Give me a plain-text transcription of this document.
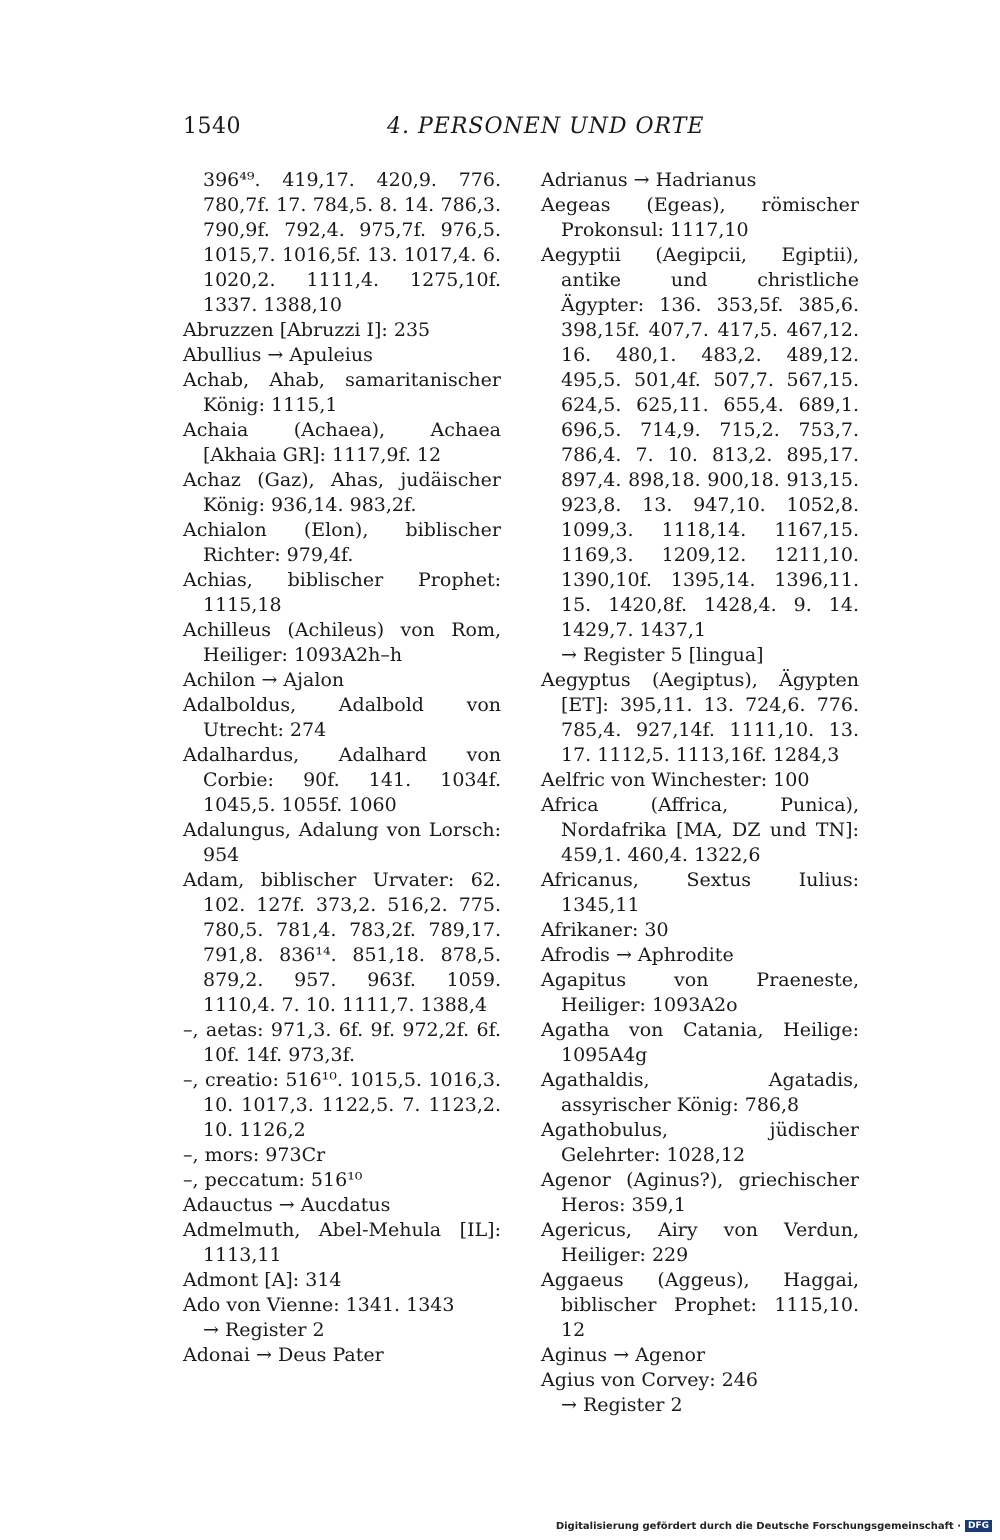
1540	4. PERSONEN UND ORTE

396⁴⁹. 419,17. 420,9. 776. 780,7f. 17. 784,5. 8. 14. 786,3. 790,9f. 792,4. 975,7f. 976,5. 1015,7. 1016,5f. 13. 1017,4. 6. 1020,2. 1111,4. 1275,10f. 1337. 1388,10

Abruzzen [Abruzzi I]: 235

Abullius → Apuleius

Achab, Ahab, samaritanischer König: 1115,1

Achaia (Achaea), Achaea [Akhaia GR]: 1117,9f. 12

Achaz (Gaz), Ahas, judäischer König: 936,14. 983,2f.

Achialon (Elon), biblischer Richter: 979,4f.

Achias, biblischer Prophet: 1115,18

Achilleus (Achileus) von Rom, Heiliger: 1093A2h–h

Achilon → Ajalon

Adalboldus, Adalbold von Utrecht: 274

Adalhardus, Adalhard von Corbie: 90f. 141. 1034f. 1045,5. 1055f. 1060

Adalungus, Adalung von Lorsch: 954

Adam, biblischer Urvater: 62. 102. 127f. 373,2. 516,2. 775. 780,5. 781,4. 783,2f. 789,17. 791,8. 836¹⁴. 851,18. 878,5. 879,2. 957. 963f. 1059. 1110,4. 7. 10. 1111,7. 1388,4

–, aetas: 971,3. 6f. 9f. 972,2f. 6f. 10f. 14f. 973,3f.

–, creatio: 516¹⁰. 1015,5. 1016,3. 10. 1017,3. 1122,5. 7. 1123,2. 10. 1126,2

–, mors: 973Cr

–, peccatum: 516¹⁰

Adauctus → Aucdatus

Admelmuth, Abel-Mehula [IL]: 1113,11

Admont [A]: 314

Ado von Vienne: 1341. 1343

→ Register 2

Adonai → Deus Pater

Adrianus → Hadrianus

Aegeas (Egeas), römischer Prokonsul: 1117,10

Aegyptii (Aegipcii, Egiptii), antike und christliche Ägypter: 136. 353,5f. 385,6. 398,15f. 407,7. 417,5. 467,12. 16. 480,1. 483,2. 489,12. 495,5. 501,4f. 507,7. 567,15. 624,5. 625,11. 655,4. 689,1. 696,5. 714,9. 715,2. 753,7. 786,4. 7. 10. 813,2. 895,17. 897,4. 898,18. 900,18. 913,15. 923,8. 13. 947,10. 1052,8. 1099,3. 1118,14. 1167,15. 1169,3. 1209,12. 1211,10. 1390,10f. 1395,14. 1396,11. 15. 1420,8f. 1428,4. 9. 14. 1429,7. 1437,1

→ Register 5 [lingua]

Aegyptus (Aegiptus), Ägypten [ET]: 395,11. 13. 724,6. 776. 785,4. 927,14f. 1111,10. 13. 17. 1112,5. 1113,16f. 1284,3

Aelfric von Winchester: 100

Africa (Affrica, Punica), Nordafrika [MA, DZ und TN]: 459,1. 460,4. 1322,6

Africanus, Sextus Iulius: 1345,11

Afrikaner: 30

Afrodis → Aphrodite

Agapitus von Praeneste, Heiliger: 1093A2o

Agatha von Catania, Heilige: 1095A4g

Agathaldis, Agatadis, assyrischer König: 786,8

Agathobulus, jüdischer Gelehrter: 1028,12

Agenor (Aginus?), griechischer Heros: 359,1

Agericus, Airy von Verdun, Heiliger: 229

Aggaeus (Aggeus), Haggai, biblischer Prophet: 1115,10. 12

Aginus → Agenor

Agius von Corvey: 246

→ Register 2

Digitalisierung gefördert durch die Deutsche Forschungsgemeinschaft · DFG
